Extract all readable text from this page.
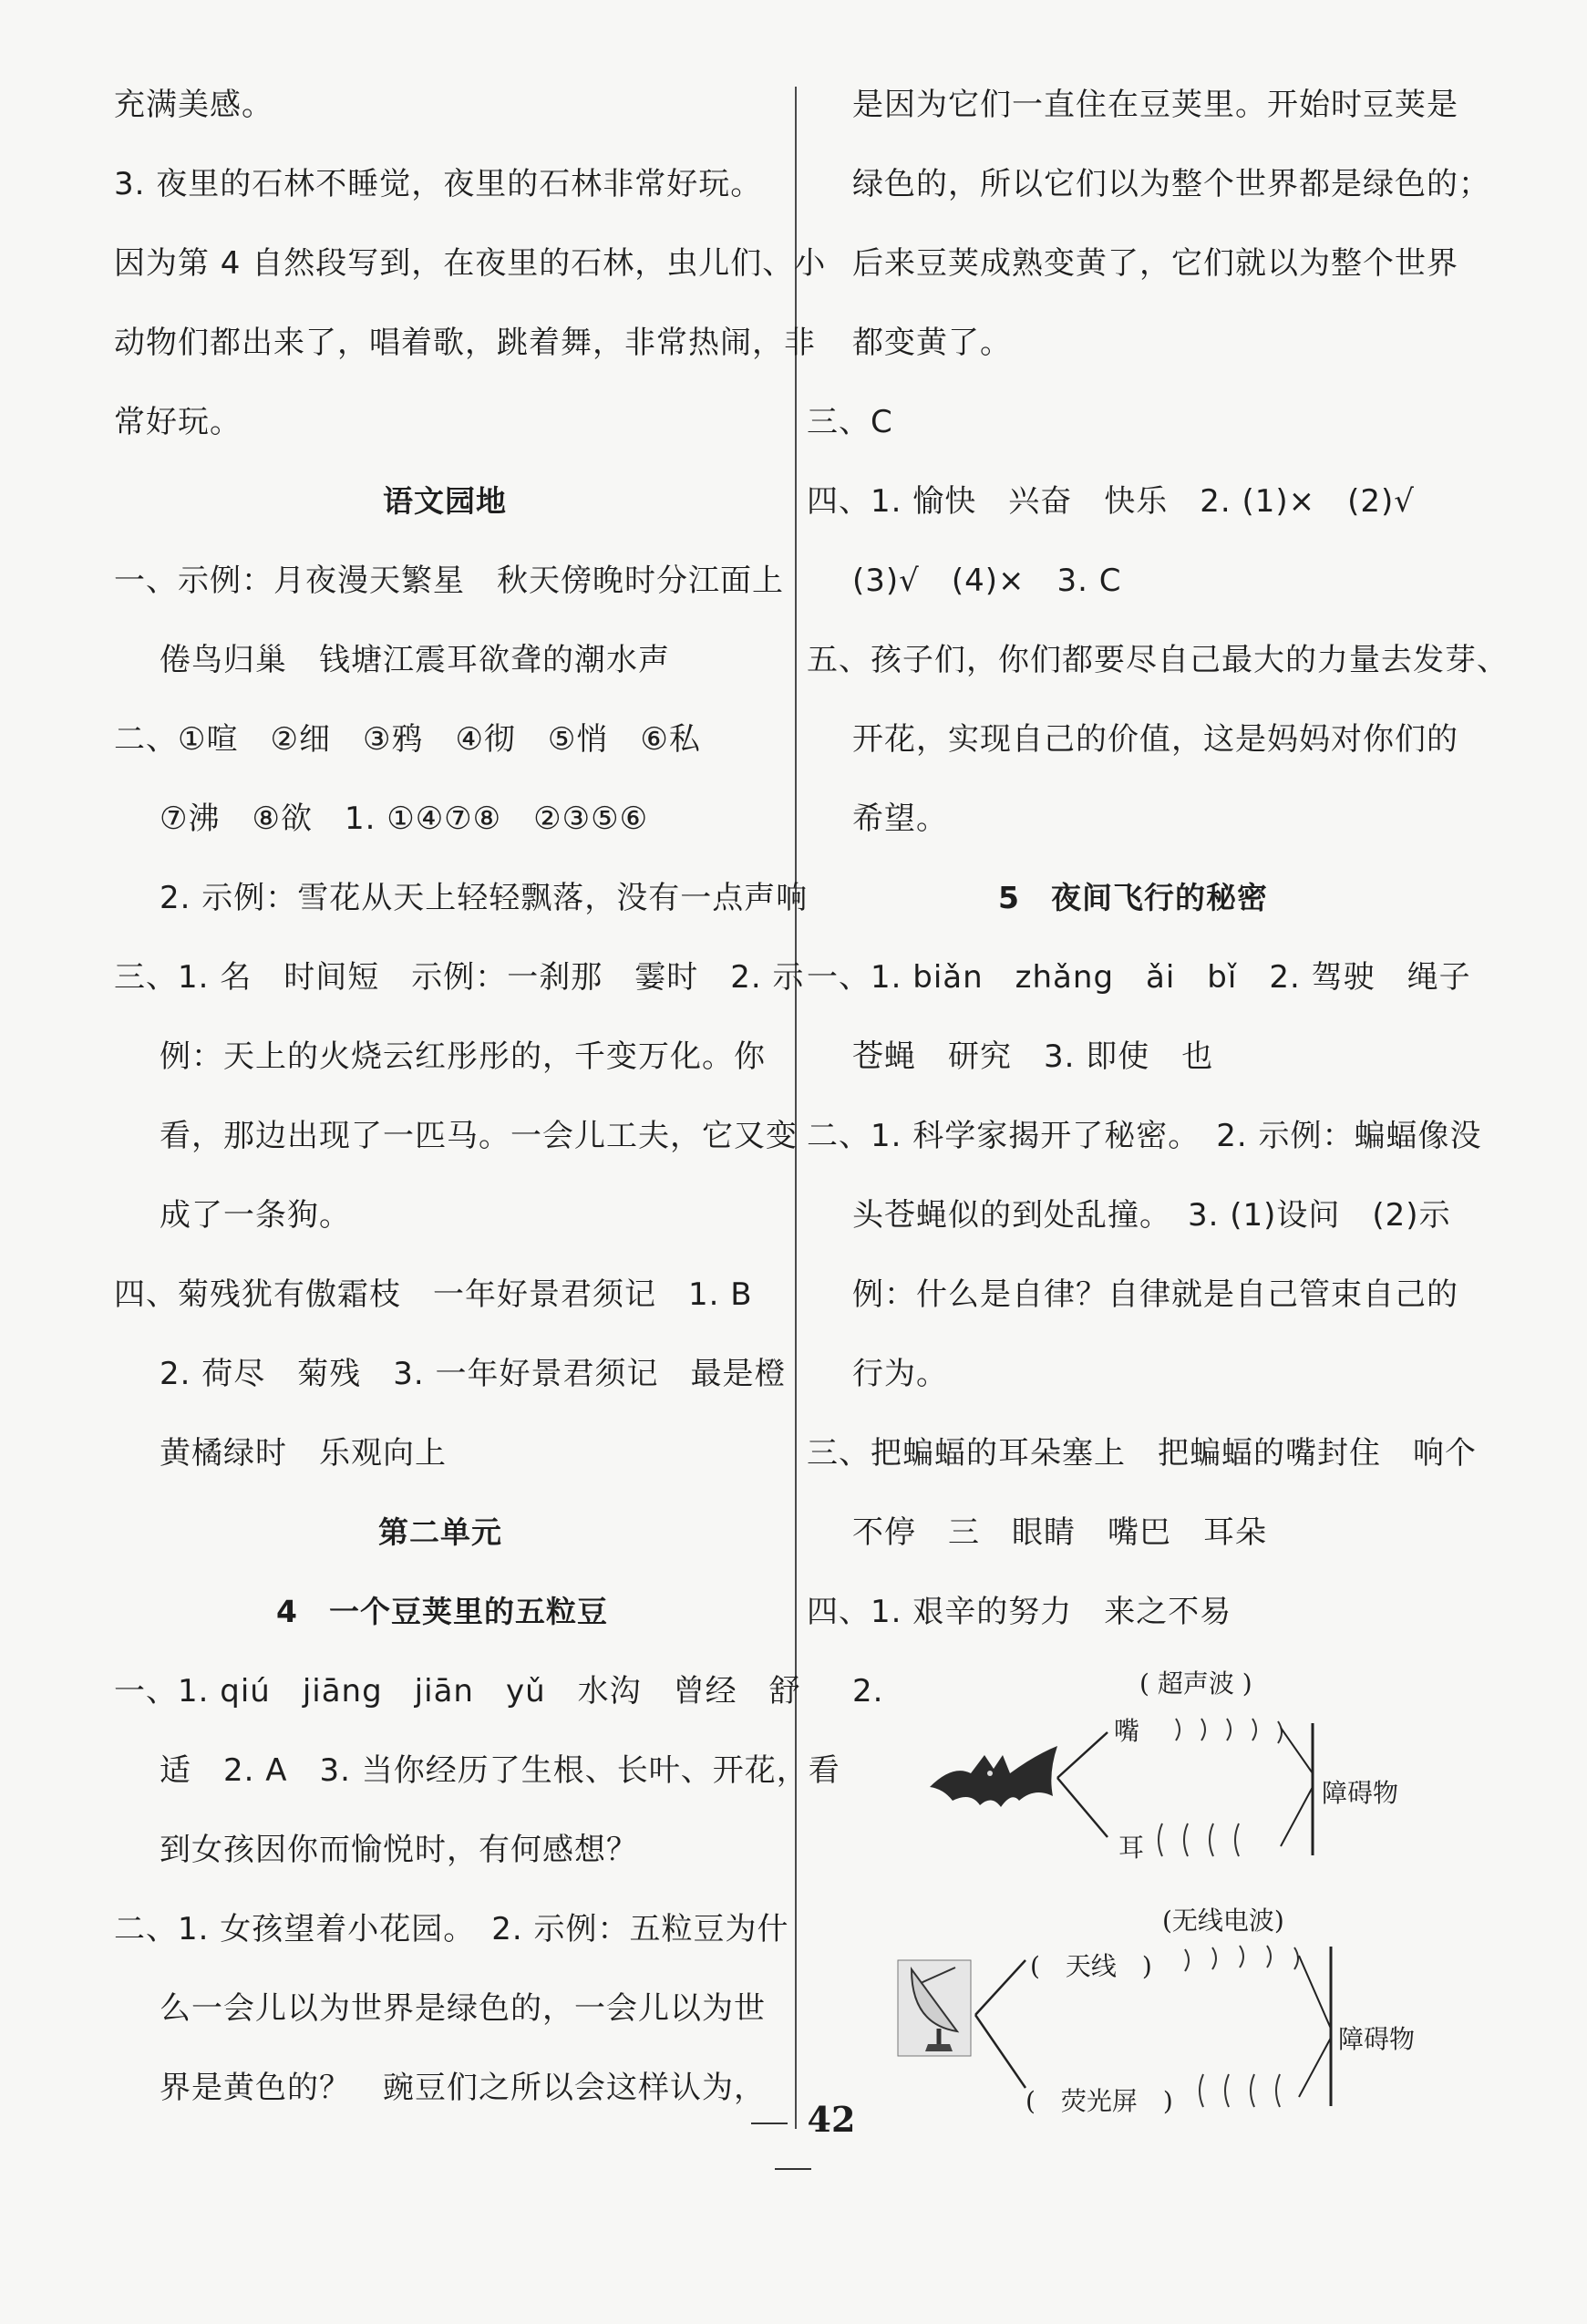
充满美感。
3. 夜里的石林不睡觉，夜里的石林非常好玩。
因为第 4 自然段写到，在夜里的石林，虫儿们、小
动物们都出来了，唱着歌，跳着舞，非常热闹，非
常好玩。
语文园地
一、示例：月夜漫天繁星　秋天傍晚时分江面上
倦鸟归巢　钱塘江震耳欲聋的潮水声
二、①喧　②细　③鸦　④彻　⑤悄　⑥私
⑦沸　⑧欲　1. ①④⑦⑧　②③⑤⑥
2. 示例：雪花从天上轻轻飘落，没有一点声响
三、1. 名　时间短　示例：一刹那　霎时　2. 示
例：天上的火烧云红彤彤的，千变万化。你
看，那边出现了一匹马。一会儿工夫，它又变
成了一条狗。
四、菊残犹有傲霜枝　一年好景君须记　1. B
2. 荷尽　菊残　3. 一年好景君须记　最是橙
黄橘绿时　乐观向上
第二单元
4　一个豆荚里的五粒豆
一、1. qiú　jiāng　jiān　yǔ　水沟　曾经　舒
适　2. A　3. 当你经历了生根、长叶、开花，看
到女孩因你而愉悦时，有何感想？
二、1. 女孩望着小花园。　2. 示例：五粒豆为什
么一会儿以为世界是绿色的，一会儿以为世
界是黄色的？　豌豆们之所以会这样认为，
是因为它们一直住在豆荚里。开始时豆荚是
绿色的，所以它们以为整个世界都是绿色的；
后来豆荚成熟变黄了，它们就以为整个世界
都变黄了。
三、C
四、1. 愉快　兴奋　快乐　2. (1)×　(2)√
(3)√　(4)×　3. C
五、孩子们，你们都要尽自己最大的力量去发芽、
开花，实现自己的价值，这是妈妈对你们的
希望。
5　夜间飞行的秘密
一、1. biǎn　zhǎng　ǎi　bǐ　2. 驾驶　绳子
苍蝇　研究　3. 即使　也
二、1. 科学家揭开了秘密。　2. 示例：蝙蝠像没
头苍蝇似的到处乱撞。　3. (1)设问　(2)示
例：什么是自律？自律就是自己管束自己的
行为。
三、把蝙蝠的耳朵塞上　把蝙蝠的嘴封住　响个
不停　三　眼睛　嘴巴　耳朵
四、1. 艰辛的努力　来之不易
2.	( 超声波 )
嘴
耳
障碍物
(无线电波)
(　天线　)
(　荧光屏　)
障碍物
42
